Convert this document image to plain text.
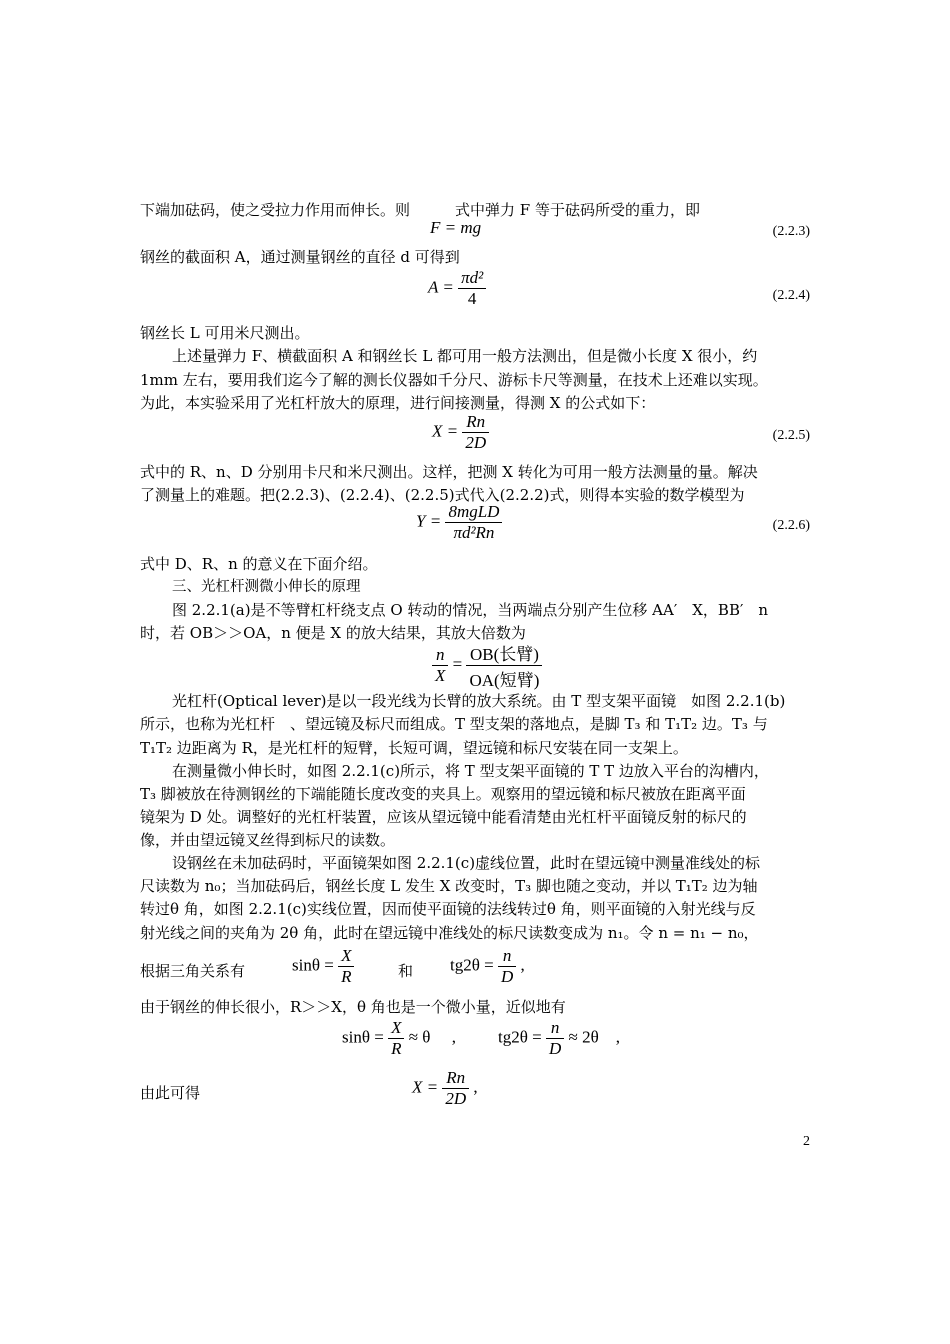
下端加砝码，使之受拉力作用而伸长。则　　　式中弹力 F 等于砝码所受的重力，即
F = mg	(2.2.3)
钢丝的截面积 A，通过测量钢丝的直径 d 可得到
$A = \frac{\text{πd²}}{4}$	(2.2.4)
钢丝长 L 可用米尺测出。
上述量弹力 F、横截面积 A 和钢丝长 L 都可用一般方法测出，但是微小长度 X 很小，约
1mm 左右，要用我们迄今了解的测长仪器如千分尺、游标卡尺等测量，在技术上还难以实现。
为此，本实验采用了光杠杆放大的原理，进行间接测量，得测 X 的公式如下：
$X = \frac{Rn}{2D}$	(2.2.5)
式中的 R、n、D 分别用卡尺和米尺测出。这样，把测 X 转化为可用一般方法测量的量。解决
了测量上的难题。把(2.2.3)、(2.2.4)、(2.2.5)式代入(2.2.2)式，则得本实验的数学模型为
$Y = \frac{\text{8mgLD}}{\text{πd²Rn}}$	(2.2.6)
式中 D、R、n 的意义在下面介绍。
三、光杠杆测微小伸长的原理
图 2.2.1(a)是不等臂杠杆绕支点 O 转动的情况，当两端点分别产生位移 AA′　X，BB′　n
时，若 OB＞＞OA，n 便是 X 的放大结果，其放大倍数为
$\frac{n}{X} = \frac{\text{OB(长臂)}}{\text{OA(短臂)}}$
光杠杆(Optical lever)是以一段光线为长臂的放大系统。由 T 型支架平面镜　如图 2.2.1(b)
所示，也称为光杠杆　、望远镜及标尺而组成。T 型支架的落地点，是脚 T₃ 和 T₁T₂ 边。T₃ 与
T₁T₂ 边距离为 R，是光杠杆的短臂，长短可调，望远镜和标尺安装在同一支架上。
在测量微小伸长时，如图 2.2.1(c)所示，将 T 型支架平面镜的 T T 边放入平台的沟槽内，
T₃ 脚被放在待测钢丝的下端能随长度改变的夹具上。观察用的望远镜和标尺被放在距离平面
镜架为 D 处。调整好的光杠杆装置，应该从望远镜中能看清楚由光杠杆平面镜反射的标尺的
像，并由望远镜叉丝得到标尺的读数。
设钢丝在未加砝码时，平面镜架如图 2.2.1(c)虚线位置，此时在望远镜中测量准线处的标
尺读数为 n₀；当加砝码后，钢丝长度 L 发生 X 改变时，T₃ 脚也随之变动，并以 T₁T₂ 边为轴
转过θ 角，如图 2.2.1(c)实线位置，因而使平面镜的法线转过θ 角，则平面镜的入射光线与反
射光线之间的夹角为 2θ 角，此时在望远镜中准线处的标尺读数变成为 n₁。令 n = n₁ − n₀，
根据三角关系有	$\sin\theta = \frac{X}{R}$	和 $tg2\theta = \frac{n}{D}$ ,
由于钢丝的伸长很小，R＞＞X，θ 角也是一个微小量，近似地有
$\sin\theta = \frac{X}{R} \approx \theta$　 , $tg2\theta = \frac{n}{D} \approx 2\theta$　,
由此可得	$X = \frac{Rn}{2D}$ ,
2
